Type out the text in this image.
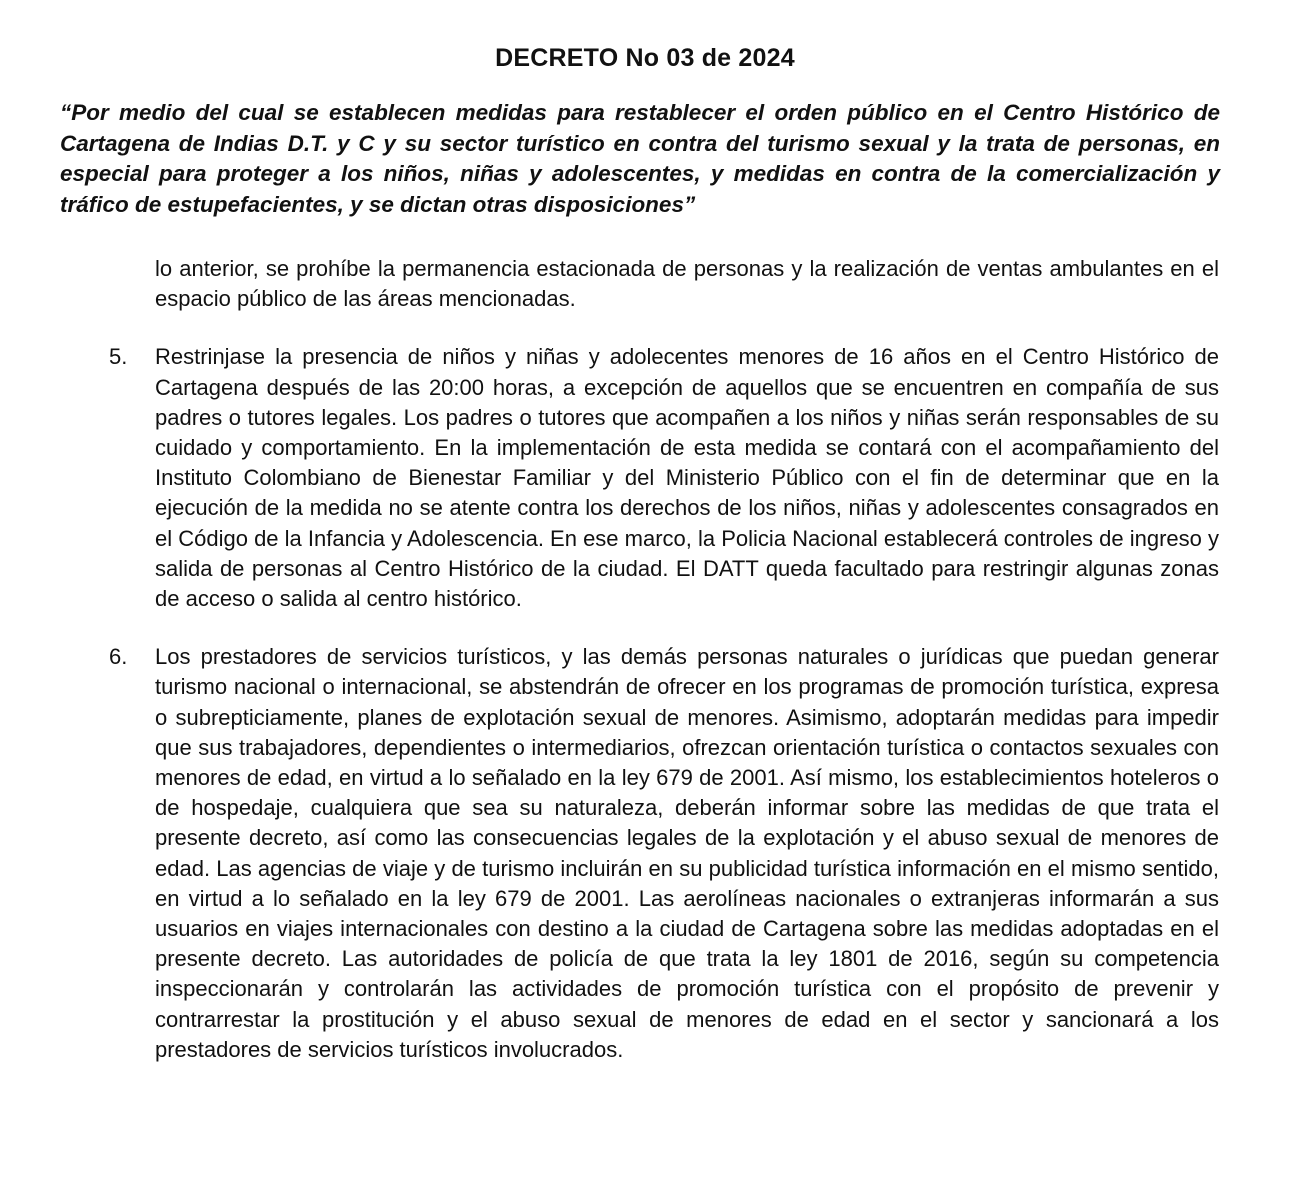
DECRETO No 03 de 2024
“Por medio del cual se establecen medidas para restablecer el orden público en el Centro Histórico de Cartagena de Indias D.T. y C y su sector turístico en contra del turismo sexual y la trata de personas, en especial para proteger a los niños, niñas y adolescentes, y medidas en contra de la comercialización y tráfico de estupefacientes, y se dictan otras disposiciones”
lo anterior, se prohíbe la permanencia estacionada de personas y la realización de ventas ambulantes en el espacio público de las áreas mencionadas.
5.	Restrinjase la presencia de niños y niñas y adolecentes menores de 16 años en el Centro Histórico de Cartagena después de las 20:00 horas, a excepción de aquellos que se encuentren en compañía de sus padres o tutores legales. Los padres o tutores que acompañen a los niños y niñas serán responsables de su cuidado y comportamiento. En la implementación de esta medida se contará con el acompañamiento del Instituto Colombiano de Bienestar Familiar y del Ministerio Público con el fin de determinar que en la ejecución de la medida no se atente contra los derechos de los niños, niñas y adolescentes consagrados en el Código de la Infancia y Adolescencia. En ese marco, la Policia Nacional establecerá controles de ingreso y salida de personas al Centro Histórico de la ciudad. El DATT queda facultado para restringir algunas zonas de acceso o salida al centro histórico.
6.	Los prestadores de servicios turísticos, y las demás personas naturales o jurídicas que puedan generar turismo nacional o internacional, se abstendrán de ofrecer en los programas de promoción turística, expresa o subrepticiamente, planes de explotación sexual de menores. Asimismo, adoptarán medidas para impedir que sus trabajadores, dependientes o intermediarios, ofrezcan orientación turística o contactos sexuales con menores de edad, en virtud a lo señalado en la ley 679 de 2001. Así mismo, los establecimientos hoteleros o de hospedaje, cualquiera que sea su naturaleza, deberán informar sobre las medidas de que trata el presente decreto, así como las consecuencias legales de la explotación y el abuso sexual de menores de edad. Las agencias de viaje y de turismo incluirán en su publicidad turística información en el mismo sentido, en virtud a lo señalado en la ley 679 de 2001. Las aerolíneas nacionales o extranjeras informarán a sus usuarios en viajes internacionales con destino a la ciudad de Cartagena sobre las medidas adoptadas en el presente decreto. Las autoridades de policía de que trata la ley 1801 de 2016, según su competencia inspeccionarán y controlarán las actividades de promoción turística con el propósito de prevenir y contrarrestar la prostitución y el abuso sexual de menores de edad en el sector y sancionará a los prestadores de servicios turísticos involucrados.
